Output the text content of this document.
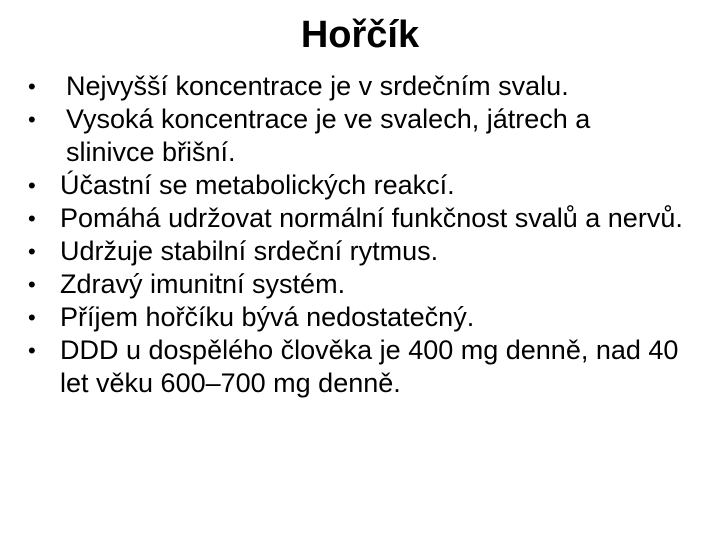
Hořčík
• Nejvyšší koncentrace je v srdečním svalu.
• Vysoká koncentrace je ve svalech, játrech a slinivce břišní.
• Účastní se metabolických reakcí.
• Pomáhá udržovat normální funkčnost svalů a nervů.
• Udržuje stabilní srdeční rytmus.
• Zdravý imunitní systém.
• Příjem hořčíku bývá nedostatečný.
• DDD u dospělého člověka je 400 mg denně, nad 40 let věku 600–700 mg denně.
